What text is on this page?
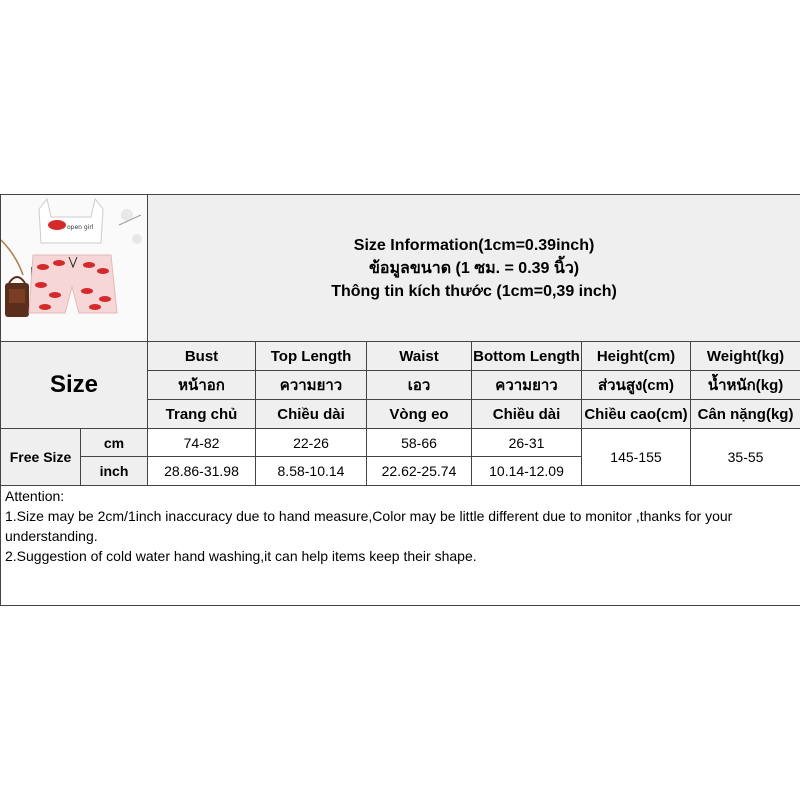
open girl		Size Information(1cm=0.39inch)
ข้อมูลขนาด (1 ซม. = 0.39 นิ้ว)
Thông tin kích thước (1cm=0,39 inch)					

Size		Bust	Top Length	Waist	Bottom Length	Height(cm)	Weight(kg)
		หน้าอก	ความยาว	เอว	ความยาว	ส่วนสูง(cm)	น้ำหนัก(kg)
		Trang chủ	Chiều dài	Vòng eo	Chiều dài	Chiều cao(cm)	Cân nặng(kg)
Free Size	cm	74-82	22-26	58-66	26-31	145-155	35-55
	inch	28.86-31.98	8.58-10.14	22.62-25.74	10.14-12.09		

Attention:
1.Size may be 2cm/1inch inaccuracy due to hand measure,Color may be little different due to monitor ,thanks for your understanding.
2.Suggestion of cold water hand washing,it can help items keep their shape.							
